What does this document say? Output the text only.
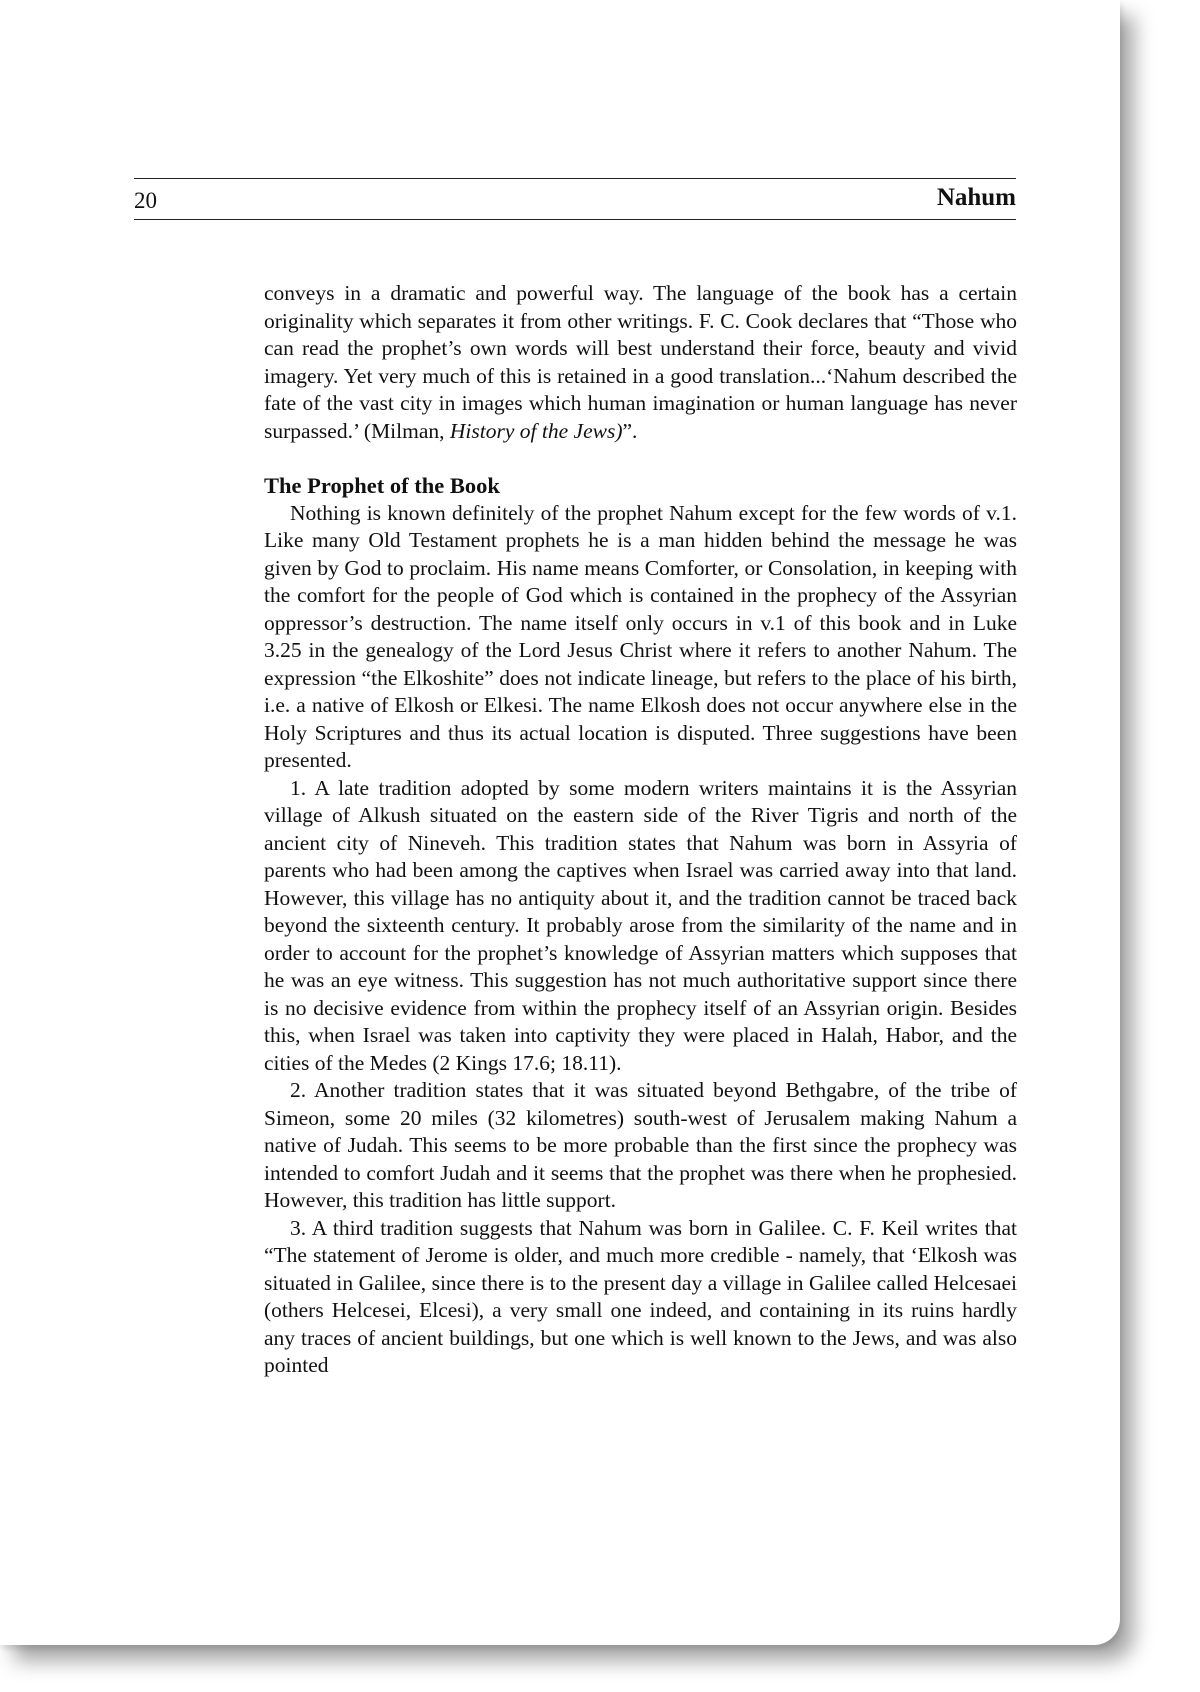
20	Nahum

conveys in a dramatic and powerful way. The language of the book has a certain originality which separates it from other writings. F. C. Cook declares that “Those who can read the prophet’s own words will best understand their force, beauty and vivid imagery. Yet very much of this is retained in a good translation...‘Nahum described the fate of the vast city in images which human imagination or human language has never surpassed.’ (Milman, History of the Jews)”.

The Prophet of the Book

Nothing is known definitely of the prophet Nahum except for the few words of v.1. Like many Old Testament prophets he is a man hidden behind the message he was given by God to proclaim. His name means Comforter, or Consolation, in keeping with the comfort for the people of God which is contained in the prophecy of the Assyrian oppressor’s destruction. The name itself only occurs in v.1 of this book and in Luke 3.25 in the genealogy of the Lord Jesus Christ where it refers to another Nahum. The expression “the Elkoshite” does not indicate lineage, but refers to the place of his birth, i.e. a native of Elkosh or Elkesi. The name Elkosh does not occur anywhere else in the Holy Scriptures and thus its actual location is disputed. Three suggestions have been presented.

1. A late tradition adopted by some modern writers maintains it is the Assyrian village of Alkush situated on the eastern side of the River Tigris and north of the ancient city of Nineveh. This tradition states that Nahum was born in Assyria of parents who had been among the captives when Israel was carried away into that land. However, this village has no antiquity about it, and the tradition cannot be traced back beyond the sixteenth century. It probably arose from the similarity of the name and in order to account for the prophet’s knowledge of Assyrian matters which supposes that he was an eye witness. This suggestion has not much authoritative support since there is no decisive evidence from within the prophecy itself of an Assyrian origin. Besides this, when Israel was taken into captivity they were placed in Halah, Habor, and the cities of the Medes (2 Kings 17.6; 18.11).

2. Another tradition states that it was situated beyond Bethgabre, of the tribe of Simeon, some 20 miles (32 kilometres) south-west of Jerusalem making Nahum a native of Judah. This seems to be more probable than the first since the prophecy was intended to comfort Judah and it seems that the prophet was there when he prophesied. However, this tradition has little support.

3. A third tradition suggests that Nahum was born in Galilee. C. F. Keil writes that “The statement of Jerome is older, and much more credible - namely, that ‘Elkosh was situated in Galilee, since there is to the present day a village in Galilee called Helcesaei (others Helcesei, Elcesi), a very small one indeed, and containing in its ruins hardly any traces of ancient buildings, but one which is well known to the Jews, and was also pointed
